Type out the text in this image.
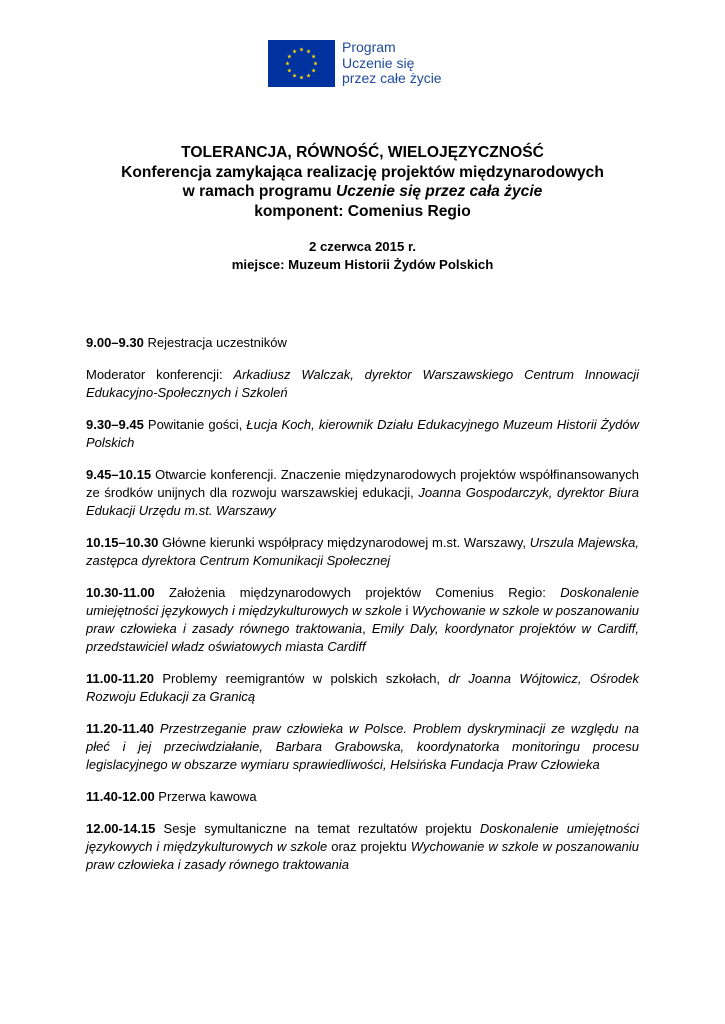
Program
Uczenie się
przez całe życie
TOLERANCJA, RÓWNOŚĆ, WIELOJĘZYCZNOŚĆ
Konferencja zamykająca realizację projektów międzynarodowych
w ramach programu Uczenie się przez cała życie
komponent: Comenius Regio
2 czerwca 2015 r.
miejsce: Muzeum Historii Żydów Polskich

9.00–9.30 Rejestracja uczestników

Moderator konferencji: Arkadiusz Walczak, dyrektor Warszawskiego Centrum Innowacji Edukacyjno-Społecznych i Szkoleń

9.30–9.45 Powitanie gości, Łucja Koch, kierownik Działu Edukacyjnego Muzeum Historii Żydów Polskich

9.45–10.15 Otwarcie konferencji. Znaczenie międzynarodowych projektów współfinansowanych ze środków unijnych dla rozwoju warszawskiej edukacji, Joanna Gospodarczyk, dyrektor Biura Edukacji Urzędu m.st. Warszawy

10.15–10.30 Główne kierunki współpracy międzynarodowej m.st. Warszawy, Urszula Majewska, zastępca dyrektora Centrum Komunikacji Społecznej

10.30-11.00 Założenia międzynarodowych projektów Comenius Regio: Doskonalenie umiejętności językowych i międzykulturowych w szkole i Wychowanie w szkole w poszanowaniu praw człowieka i zasady równego traktowania, Emily Daly, koordynator projektów w Cardiff, przedstawiciel władz oświatowych miasta Cardiff

11.00-11.20 Problemy reemigrantów w polskich szkołach, dr Joanna Wójtowicz, Ośrodek Rozwoju Edukacji za Granicą

11.20-11.40 Przestrzeganie praw człowieka w Polsce. Problem dyskryminacji ze względu na płeć i jej przeciwdziałanie, Barbara Grabowska, koordynatorka monitoringu procesu legislacyjnego w obszarze wymiaru sprawiedliwości, Helsińska Fundacja Praw Człowieka

11.40-12.00 Przerwa kawowa

12.00-14.15 Sesje symultaniczne na temat rezultatów projektu Doskonalenie umiejętności językowych i międzykulturowych w szkole oraz projektu Wychowanie w szkole w poszanowaniu praw człowieka i zasady równego traktowania
